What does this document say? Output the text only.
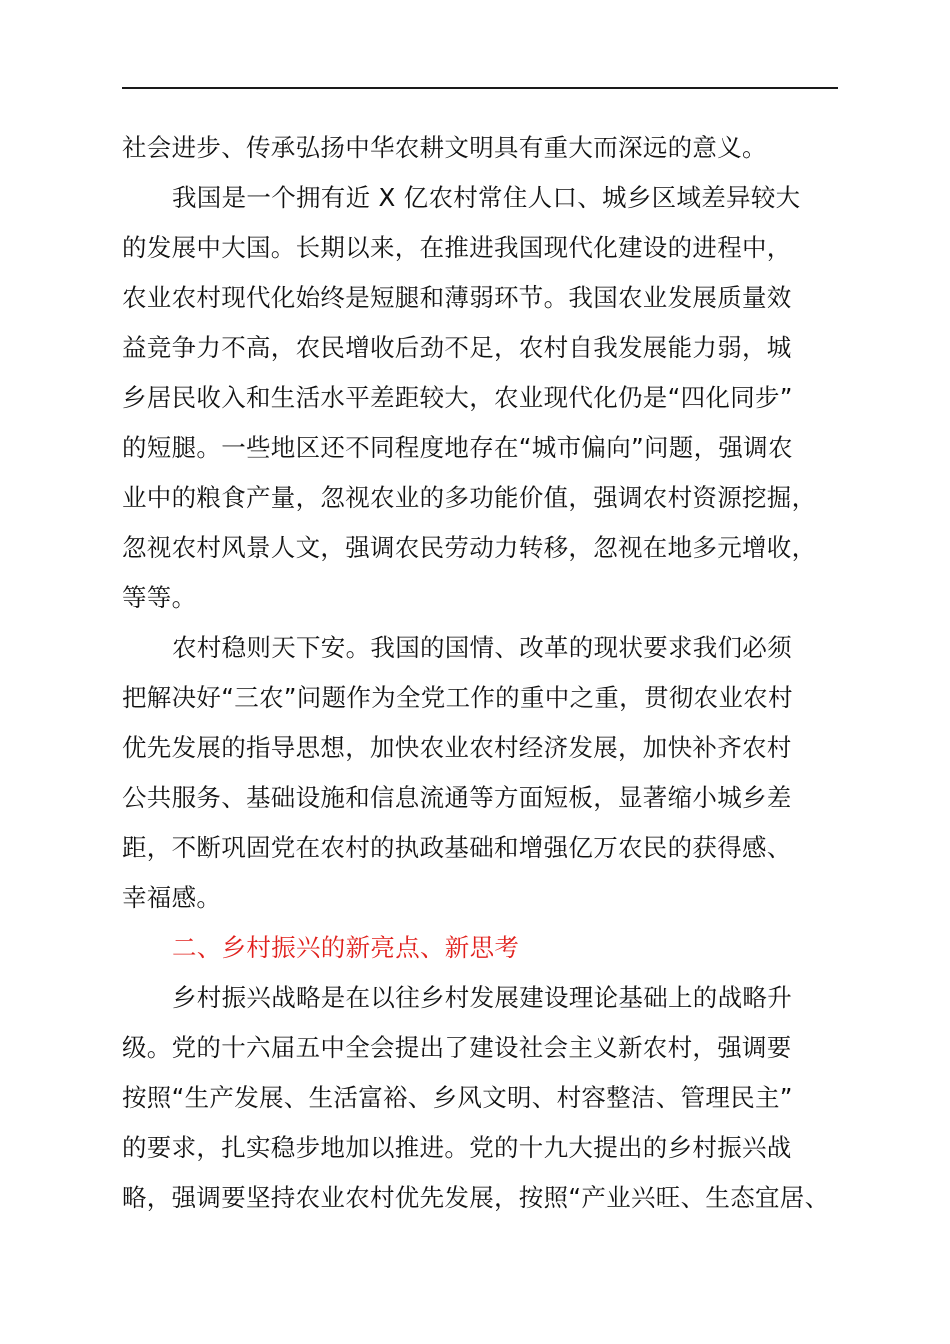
社会进步、传承弘扬中华农耕文明具有重大而深远的意义。
我国是一个拥有近 X 亿农村常住人口、城乡区域差异较大
的发展中大国。长期以来，在推进我国现代化建设的进程中，
农业农村现代化始终是短腿和薄弱环节。我国农业发展质量效
益竞争力不高，农民增收后劲不足，农村自我发展能力弱，城
乡居民收入和生活水平差距较大，农业现代化仍是“四化同步”
的短腿。一些地区还不同程度地存在“城市偏向”问题，强调农
业中的粮食产量，忽视农业的多功能价值，强调农村资源挖掘，
忽视农村风景人文，强调农民劳动力转移，忽视在地多元增收，
等等。
农村稳则天下安。我国的国情、改革的现状要求我们必须
把解决好“三农”问题作为全党工作的重中之重，贯彻农业农村
优先发展的指导思想，加快农业农村经济发展，加快补齐农村
公共服务、基础设施和信息流通等方面短板，显著缩小城乡差
距，不断巩固党在农村的执政基础和增强亿万农民的获得感、
幸福感。
二、乡村振兴的新亮点、新思考
乡村振兴战略是在以往乡村发展建设理论基础上的战略升
级。党的十六届五中全会提出了建设社会主义新农村，强调要
按照“生产发展、生活富裕、乡风文明、村容整洁、管理民主”
的要求，扎实稳步地加以推进。党的十九大提出的乡村振兴战
略，强调要坚持农业农村优先发展，按照“产业兴旺、生态宜居、
